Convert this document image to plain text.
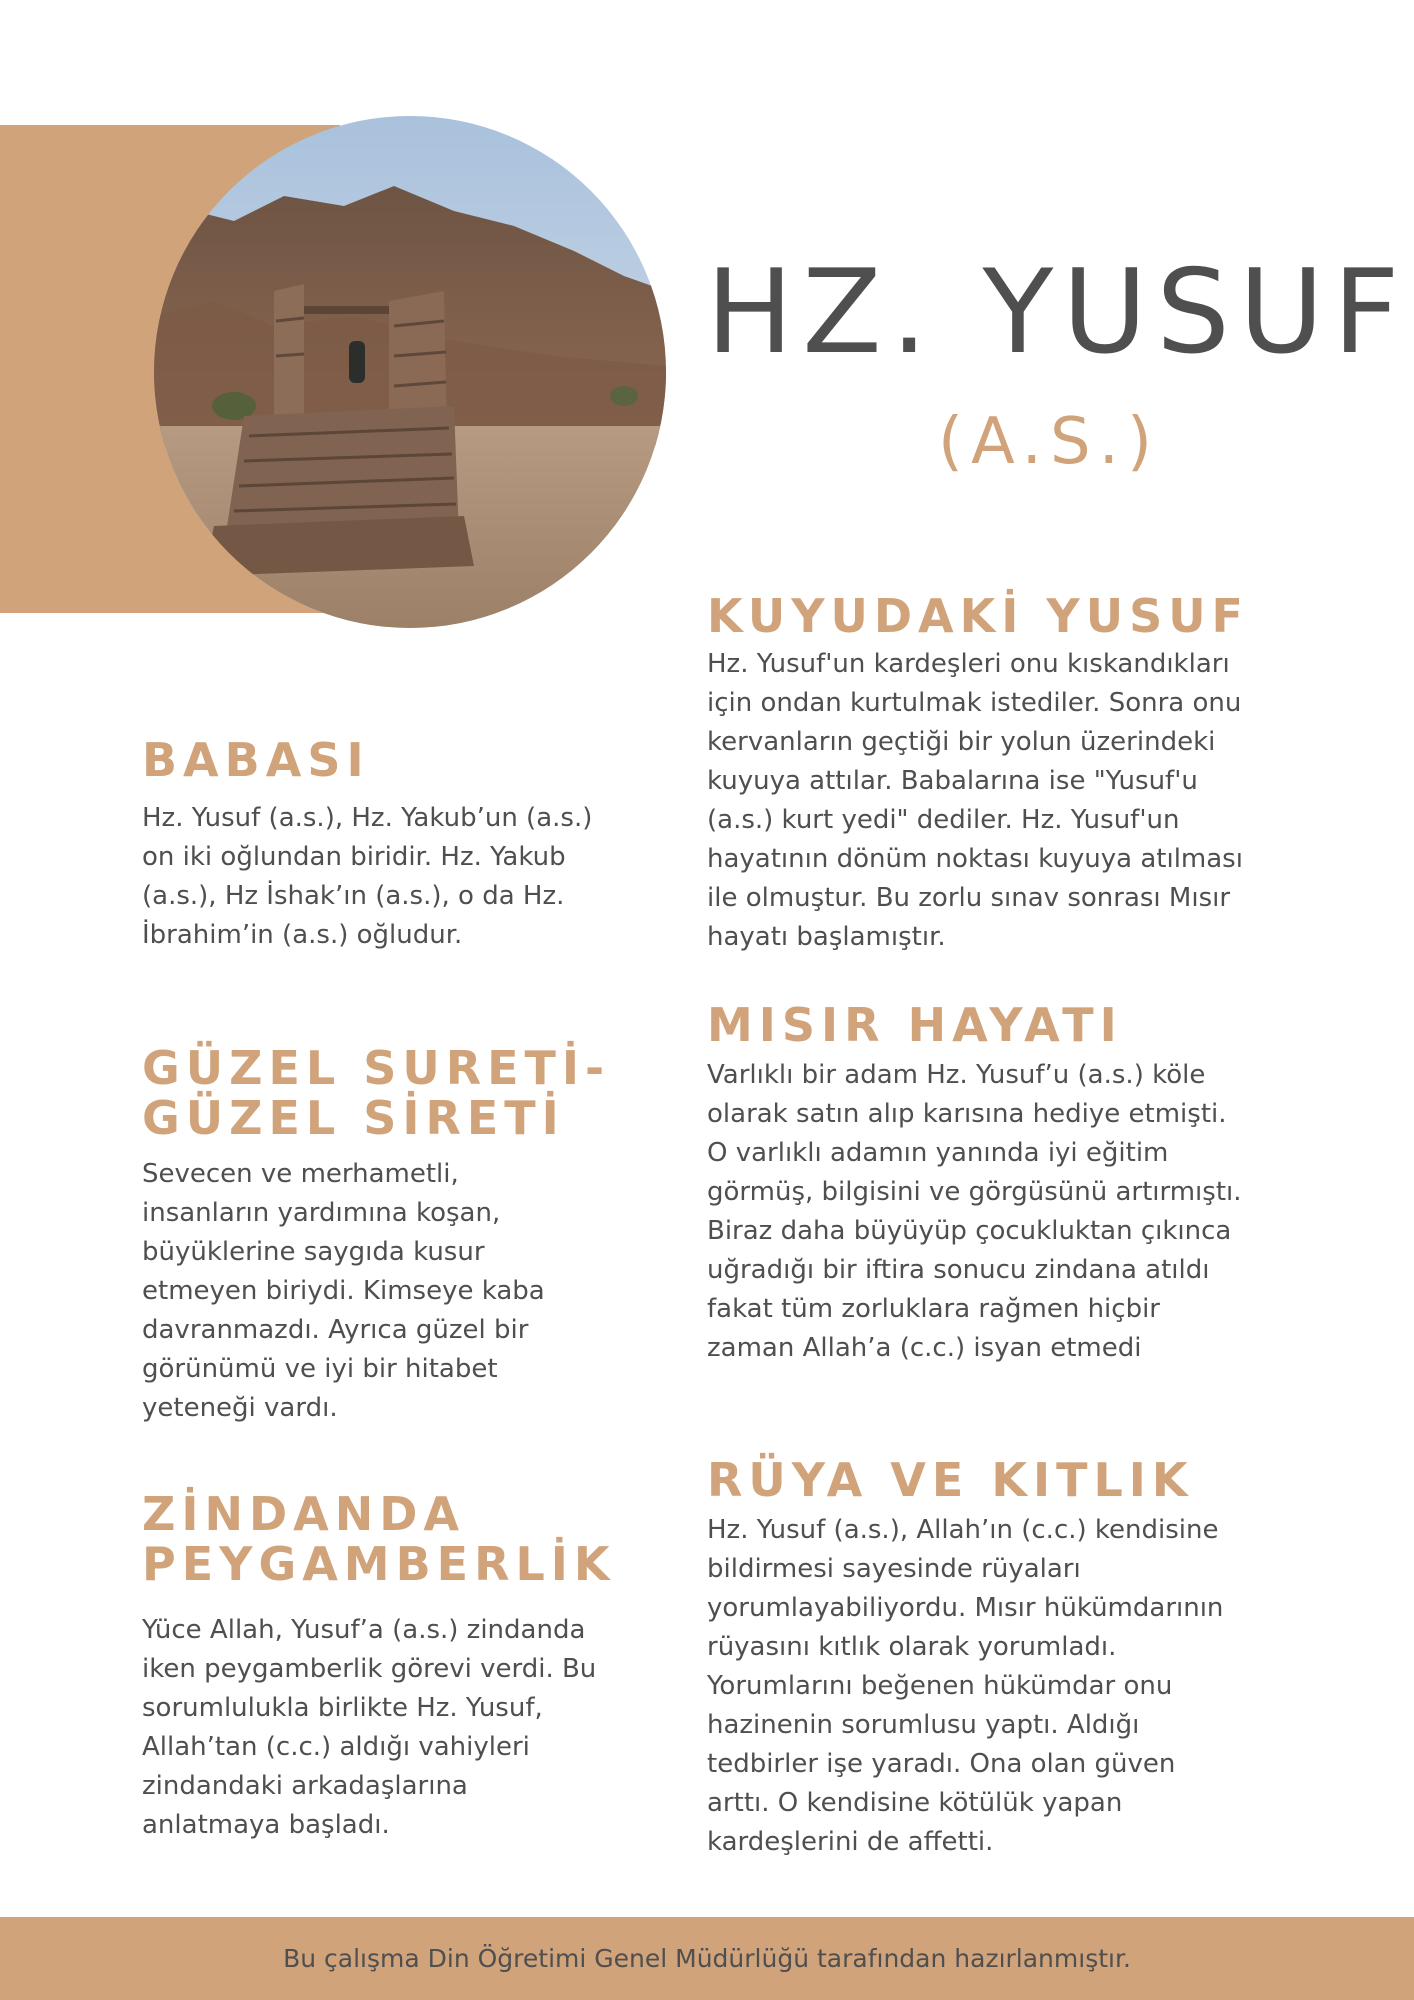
HZ. YUSUF
(A.S.)
BABASI

Hz. Yusuf (a.s.), Hz. Yakub’un (a.s.)
on iki oğlundan biridir. Hz. Yakub
(a.s.), Hz İshak’ın (a.s.), o da Hz.
İbrahim’in (a.s.) oğludur.

GÜZEL SURETİ-
GÜZEL SİRETİ

Sevecen ve merhametli,
insanların yardımına koşan,
büyüklerine saygıda kusur
etmeyen biriydi. Kimseye kaba
davranmazdı. Ayrıca güzel bir
görünümü ve iyi bir hitabet
yeteneği vardı.

ZİNDANDA
PEYGAMBERLİK

Yüce Allah, Yusuf’a (a.s.) zindanda
iken peygamberlik görevi verdi. Bu
sorumlulukla birlikte Hz. Yusuf,
Allah’tan (c.c.) aldığı vahiyleri
zindandaki arkadaşlarına
anlatmaya başladı.

KUYUDAKİ YUSUF

Hz. Yusuf'un kardeşleri onu kıskandıkları
için ondan kurtulmak istediler. Sonra onu
kervanların geçtiği bir yolun üzerindeki
kuyuya attılar. Babalarına ise "Yusuf'u
(a.s.) kurt yedi" dediler. Hz. Yusuf'un
hayatının dönüm noktası kuyuya atılması
ile olmuştur. Bu zorlu sınav sonrası Mısır
hayatı başlamıştır.

MISIR HAYATI

Varlıklı bir adam Hz. Yusuf’u (a.s.) köle
olarak satın alıp karısına hediye etmişti.
O varlıklı adamın yanında iyi eğitim
görmüş, bilgisini ve görgüsünü artırmıştı.
Biraz daha büyüyüp çocukluktan çıkınca
uğradığı bir iftira sonucu zindana atıldı
fakat tüm zorluklara rağmen hiçbir
zaman Allah’a (c.c.) isyan etmedi

RÜYA VE KITLIK

Hz. Yusuf (a.s.), Allah’ın (c.c.) kendisine
bildirmesi sayesinde rüyaları
yorumlayabiliyordu. Mısır hükümdarının
rüyasını kıtlık olarak yorumladı.
Yorumlarını beğenen hükümdar onu
hazinenin sorumlusu yaptı. Aldığı
tedbirler işe yaradı. Ona olan güven
arttı. O kendisine kötülük yapan
kardeşlerini de affetti.

Bu çalışma Din Öğretimi Genel Müdürlüğü tarafından hazırlanmıştır.
